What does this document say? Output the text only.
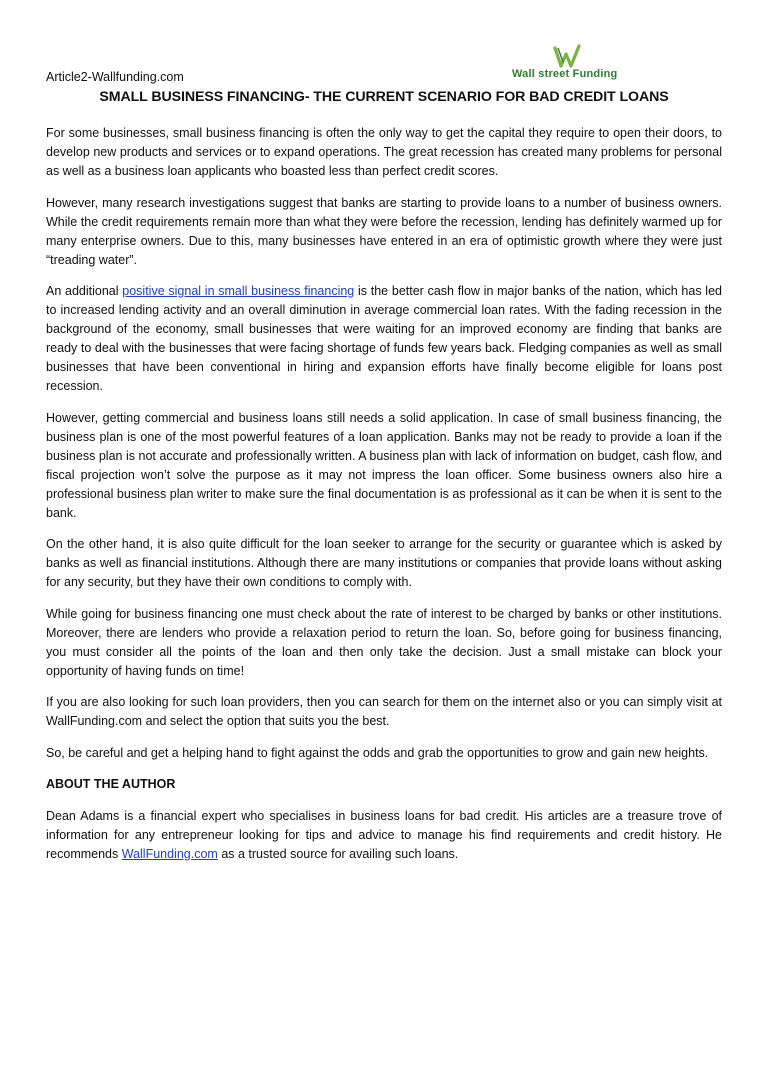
Article2-Wallfunding.com	Wall street Funding
SMALL BUSINESS FINANCING- THE CURRENT SCENARIO FOR BAD CREDIT LOANS

For some businesses, small business financing is often the only way to get the capital they require to open their doors, to develop new products and services or to expand operations. The great recession has created many problems for personal as well as a business loan applicants who boasted less than perfect credit scores.

However, many research investigations suggest that banks are starting to provide loans to a number of business owners. While the credit requirements remain more than what they were before the recession, lending has definitely warmed up for many enterprise owners. Due to this, many businesses have entered in an era of optimistic growth where they were just “treading water”.

An additional positive signal in small business financing is the better cash flow in major banks of the nation, which has led to increased lending activity and an overall diminution in average commercial loan rates. With the fading recession in the background of the economy, small businesses that were waiting for an improved economy are finding that banks are ready to deal with the businesses that were facing shortage of funds few years back. Fledging companies as well as small businesses that have been conventional in hiring and expansion efforts have finally become eligible for loans post recession.

However, getting commercial and business loans still needs a solid application. In case of small business financing, the business plan is one of the most powerful features of a loan application. Banks may not be ready to provide a loan if the business plan is not accurate and professionally written. A business plan with lack of information on budget, cash flow, and fiscal projection won’t solve the purpose as it may not impress the loan officer. Some business owners also hire a professional business plan writer to make sure the final documentation is as professional as it can be when it is sent to the bank.

On the other hand, it is also quite difficult for the loan seeker to arrange for the security or guarantee which is asked by banks as well as financial institutions. Although there are many institutions or companies that provide loans without asking for any security, but they have their own conditions to comply with.

While going for business financing one must check about the rate of interest to be charged by banks or other institutions. Moreover, there are lenders who provide a relaxation period to return the loan. So, before going for business financing, you must consider all the points of the loan and then only take the decision. Just a small mistake can block your opportunity of having funds on time!

If you are also looking for such loan providers, then you can search for them on the internet also or you can simply visit at WallFunding.com and select the option that suits you the best.

So, be careful and get a helping hand to fight against the odds and grab the opportunities to grow and gain new heights.

ABOUT THE AUTHOR

Dean Adams is a financial expert who specialises in business loans for bad credit. His articles are a treasure trove of information for any entrepreneur looking for tips and advice to manage his find requirements and credit history. He recommends WallFunding.com as a trusted source for availing such loans.
